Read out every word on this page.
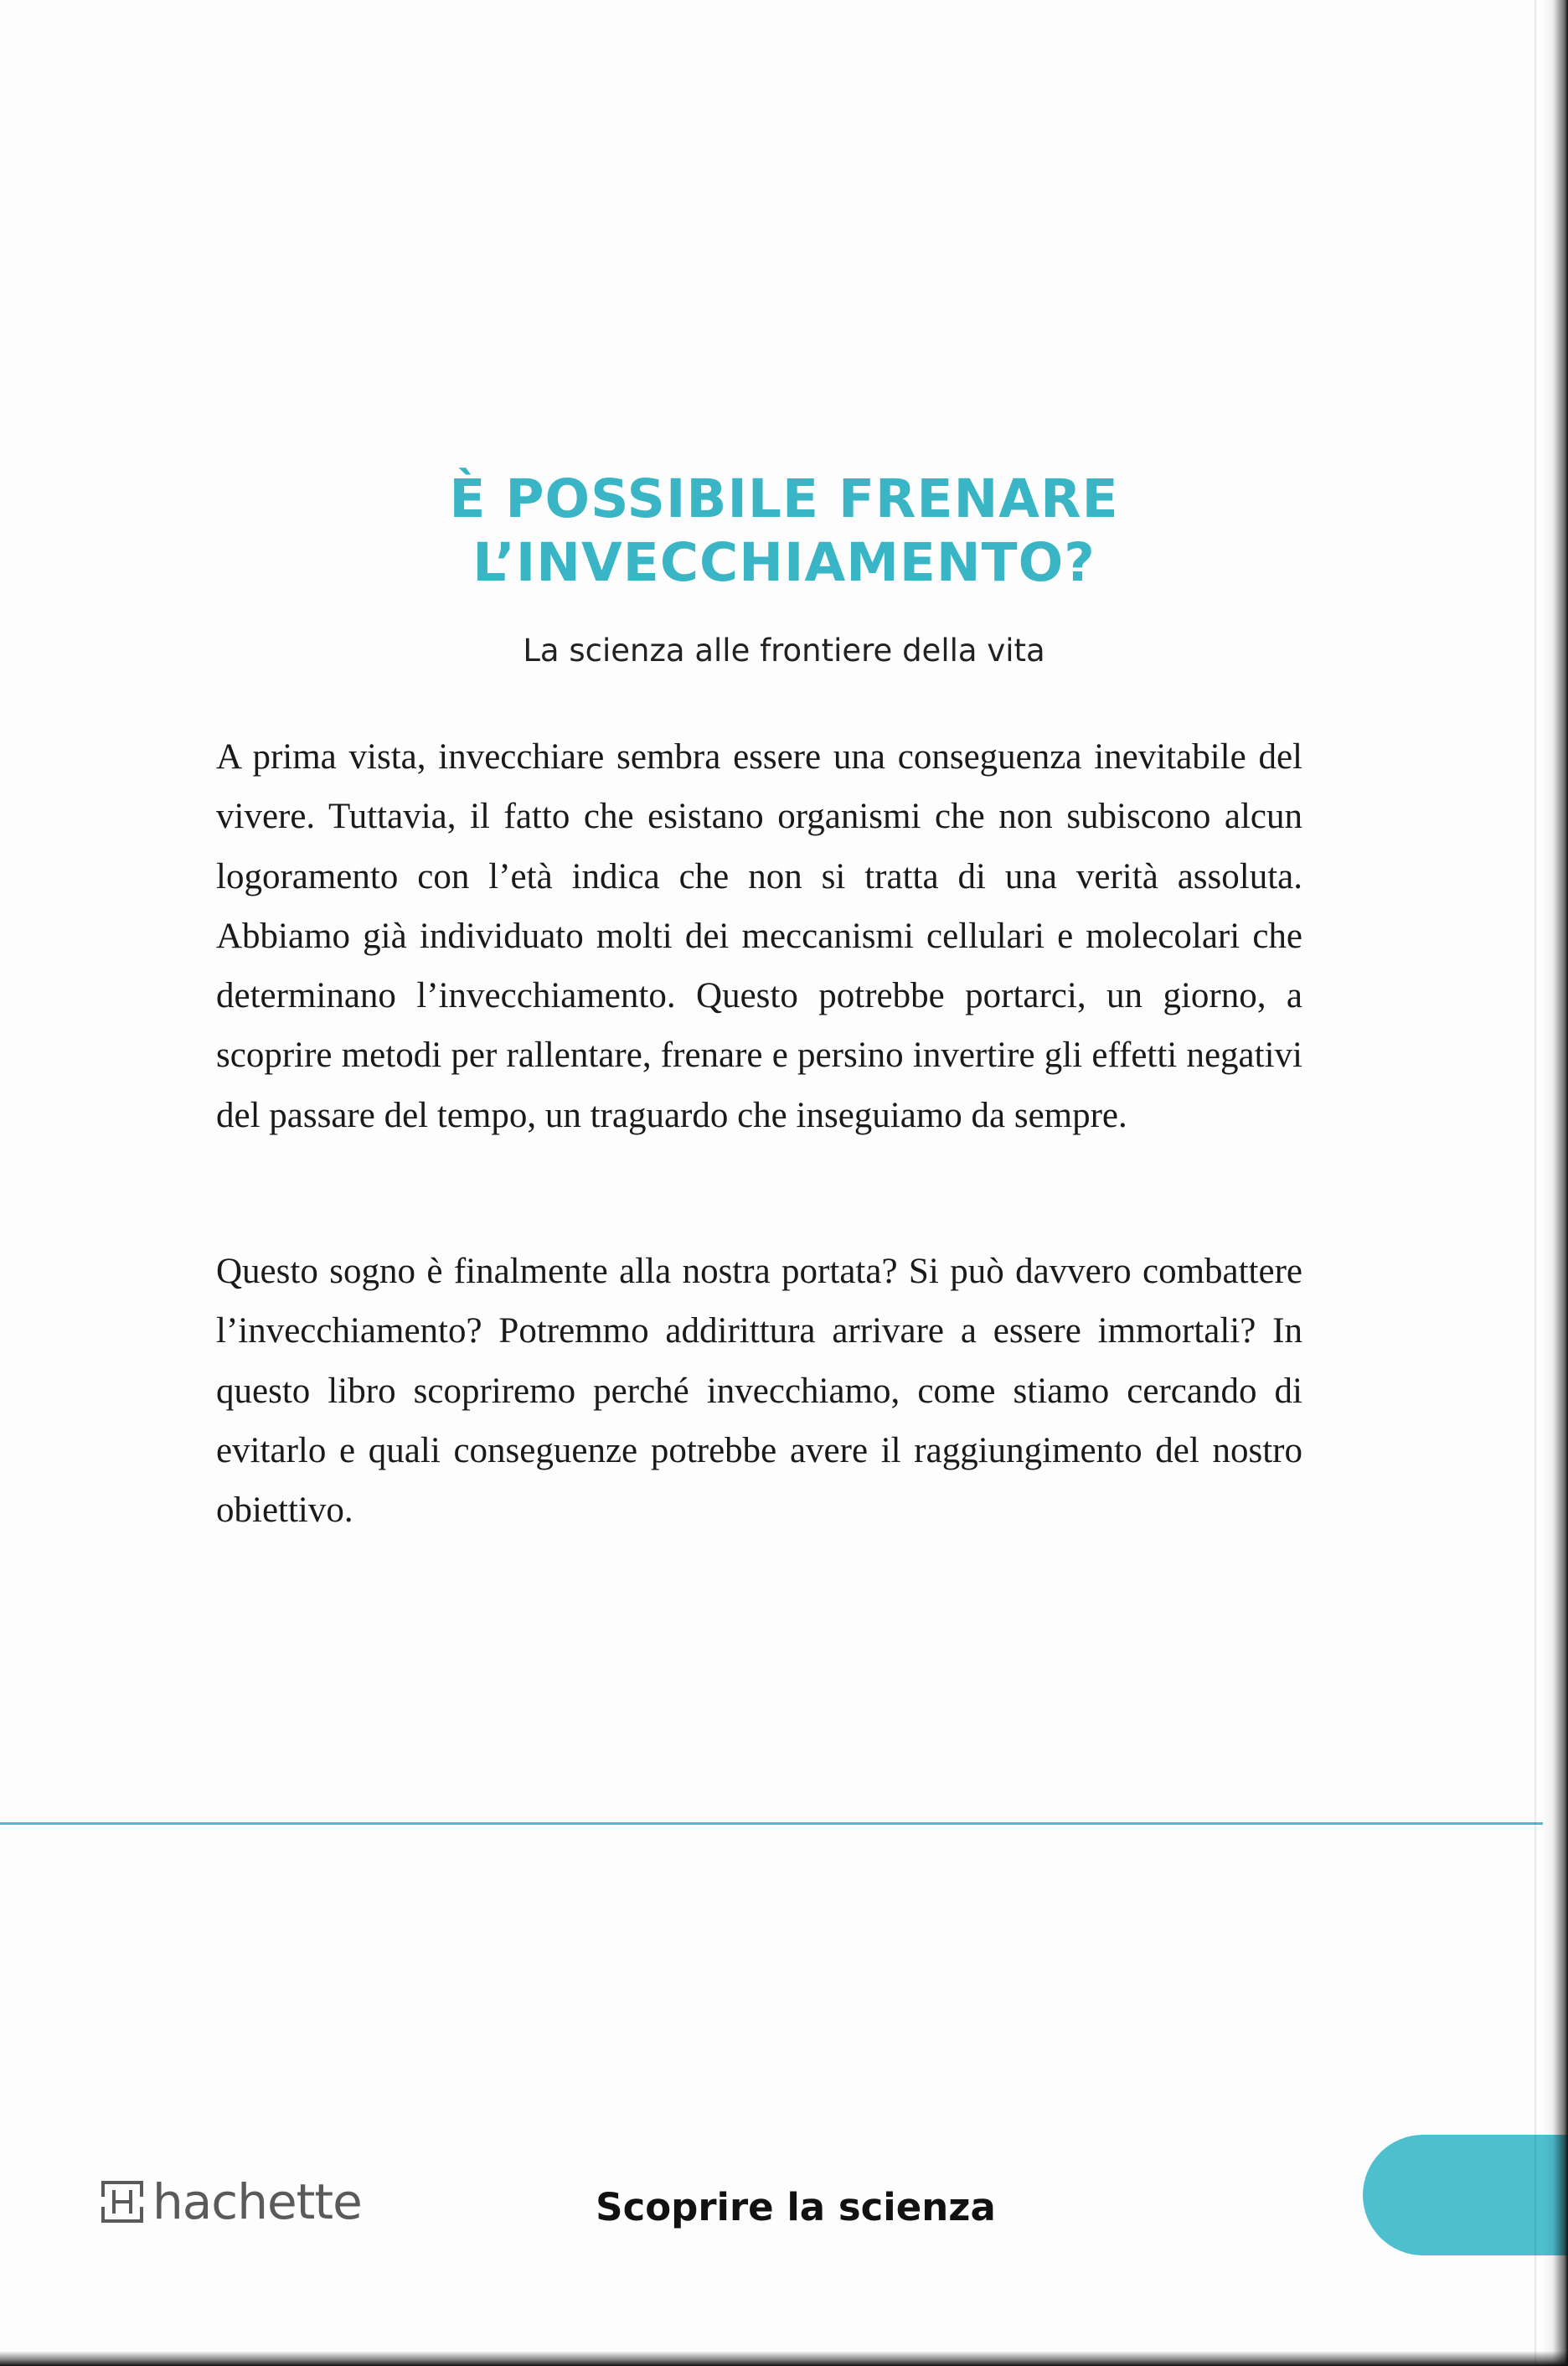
È POSSIBILE FRENARE
L’INVECCHIAMENTO?

La scienza alle frontiere della vita

A prima vista, invecchiare sembra essere una conseguenza inevitabile del vivere. Tuttavia, il fatto che esistano organismi che non subiscono alcun logoramento con l’età indica che non si tratta di una verità assoluta. Abbiamo già individuato molti dei meccanismi cellulari e molecolari che determinano l’invecchiamento. Questo potrebbe portarci, un giorno, a scoprire metodi per rallentare, frenare e persino invertire gli effetti negativi del passare del tempo, un traguardo che inseguiamo da sempre.

Questo sogno è finalmente alla nostra portata? Si può davvero combattere l’invecchiamento? Potremmo addirittura arrivare a essere immortali? In questo libro scopriremo perché invecchiamo, come stiamo cercando di evitarlo e quali conseguenze potrebbe avere il raggiungimento del nostro obiettivo.

hachette	Scoprire la scienza
